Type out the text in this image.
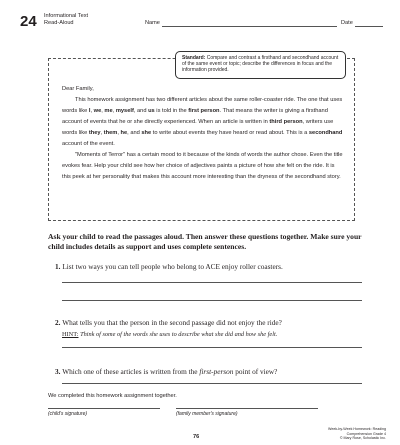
24 Informational Text
Read-Aloud	Name	Date
Standard: Compare and contrast a firsthand and secondhand account of the same event or topic; describe the differences in focus and the information provided.

Dear Family,

This homework assignment has two different articles about the same roller-coaster ride. The one that uses words like I, we, me, myself, and us is told in the first person. That means the writer is giving a firsthand account of events that he or she directly experienced. When an article is written in third person, writers use words like they, them, he, and she to write about events they have heard or read about. This is a secondhand account of the event.

"Moments of Terror" has a certain mood to it because of the kinds of words the author chose. Even the title evokes fear. Help your child see how her choice of adjectives paints a picture of how she felt on the ride. It is this peek at her personality that makes this account more interesting than the dryness of the secondhand story.

Ask your child to read the passages aloud. Then answer these questions together. Make sure your child includes details as support and uses complete sentences.
1. List two ways you can tell people who belong to ACE enjoy roller coasters.
2. What tells you that the person in the second passage did not enjoy the ride?
HINT: Think of some of the words she uses to describe what she did and how she felt.
3. Which one of these articles is written from the first-person point of view?
We completed this homework assignment together.
(child's signature)	(family member's signature)
76
Week-by-Week Homework: Reading Comprehension Grade 4
© Mary Rose, Scholastic Inc.
